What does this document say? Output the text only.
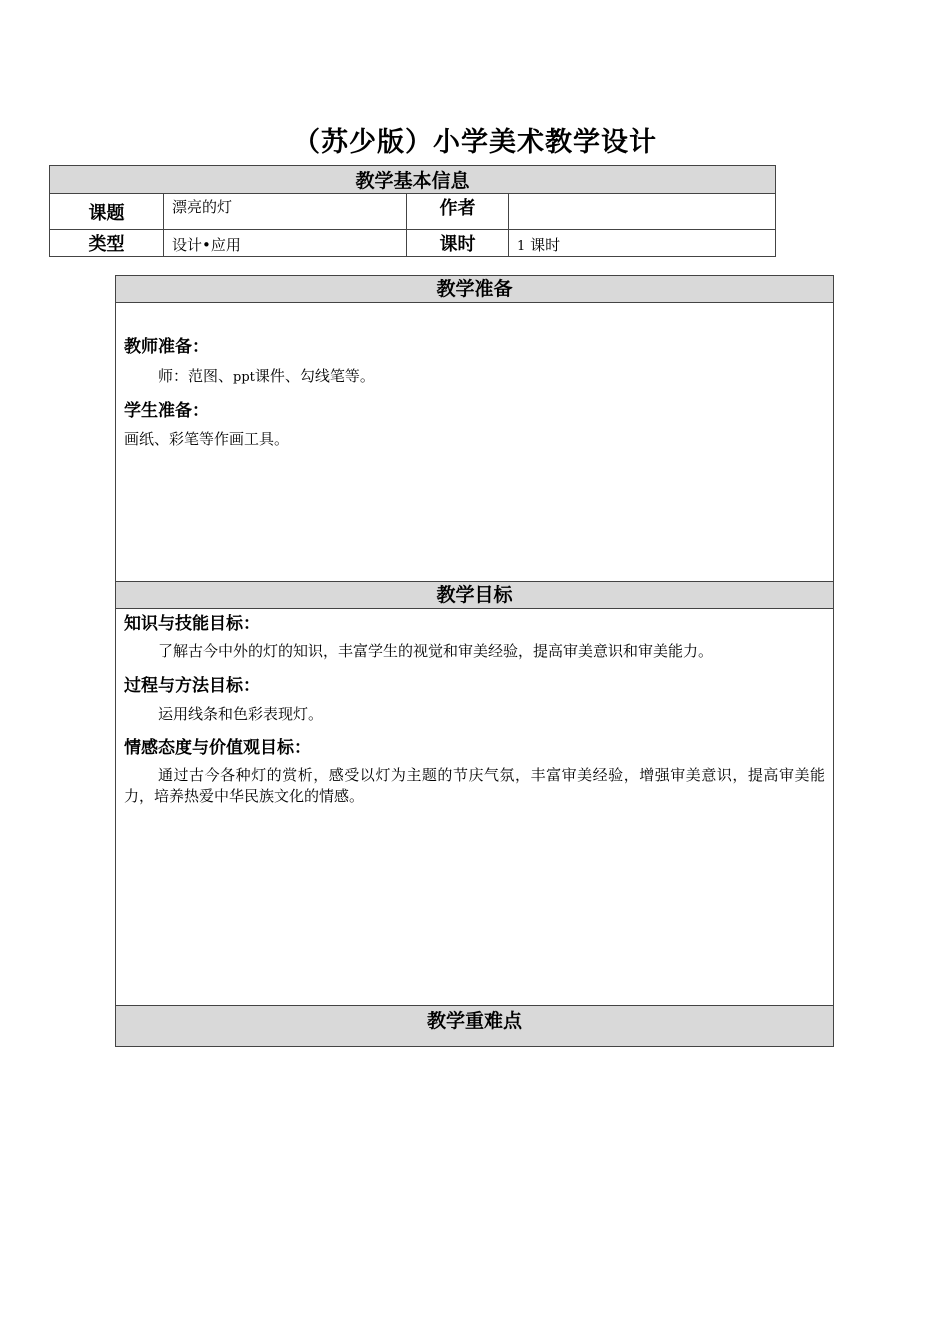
（苏少版）小学美术教学设计
教学基本信息			
课题	漂亮的灯	作者	
类型	设计•应用	课时	1 课时
教学准备
教师准备：
师：范图、ppt课件、勾线笔等。
学生准备：
画纸、彩笔等作画工具。
教学目标
知识与技能目标：
了解古今中外的灯的知识，丰富学生的视觉和审美经验，提高审美意识和审美能力。
过程与方法目标：
运用线条和色彩表现灯。
情感态度与价值观目标：
通过古今各种灯的赏析，感受以灯为主题的节庆气氛，丰富审美经验，增强审美意识，提高审美能力，培养热爱中华民族文化的情感。
教学重难点
